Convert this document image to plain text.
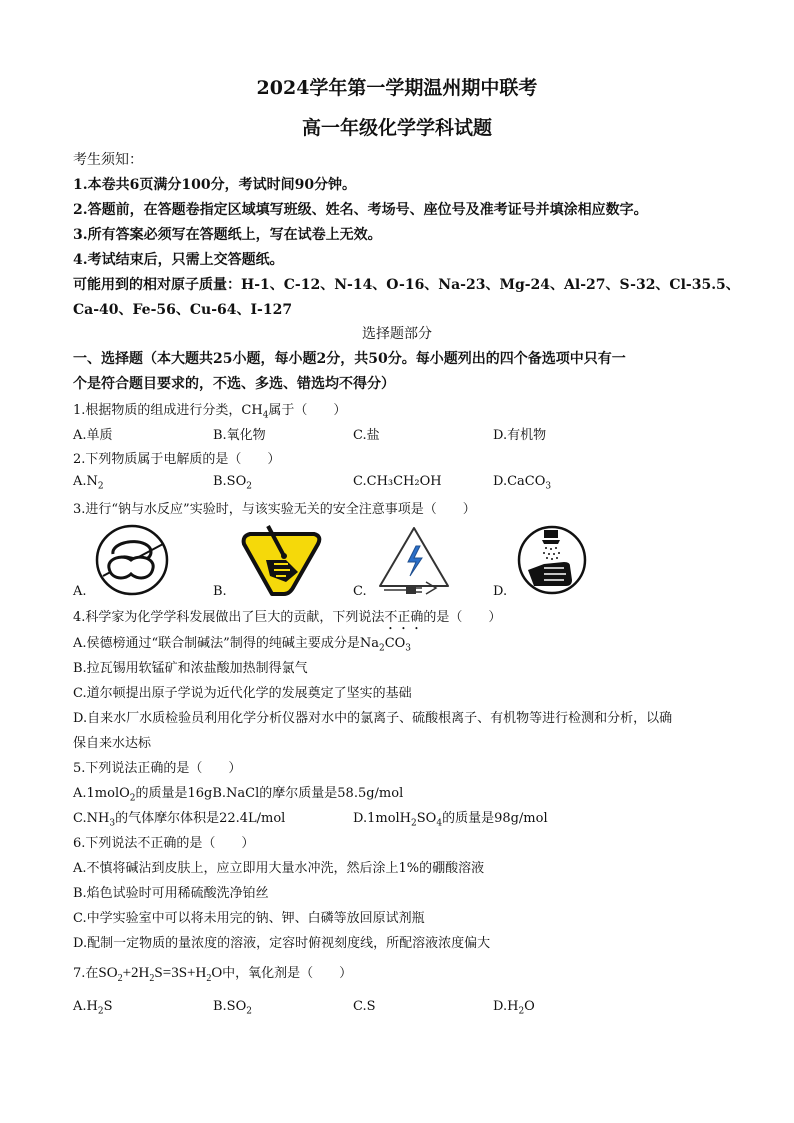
2024学年第一学期温州期中联考
高一年级化学学科试题
考生须知：
1.本卷共6页满分100分，考试时间90分钟。
2.答题前，在答题卷指定区域填写班级、姓名、考场号、座位号及准考证号并填涂相应数字。
3.所有答案必须写在答题纸上，写在试卷上无效。
4.考试结束后，只需上交答题纸。
可能用到的相对原子质量：H-1、C-12、N-14、O-16、Na-23、Mg-24、Al-27、S-32、Cl-35.5、
Ca-40、Fe-56、Cu-64、I-127
选择题部分
一、选择题（本大题共25小题，每小题2分，共50分。每小题列出的四个备选项中只有一
个是符合题目要求的，不选、多选、错选均不得分）
1.根据物质的组成进行分类，$CH_4$属于（　　）
A.单质	B.氧化物	C.盐	D.有机物
2.下列物质属于电解质的是（　　）
$A.N_2$	$B.SO_2$	C.CH₃CH₂OH	D.CaCO$_3$
3.进行“钠与水反应”实验时，与该实验无关的安全注意事项是（　　）
A.	B.	C.	D.
4.科学家为化学学科发展做出了巨大的贡献，下列说法不正确的是（　　）
A.侯德榜通过“联合制碱法”制得的纯碱主要成分是$Na_2CO_3$
B.拉瓦锡用软锰矿和浓盐酸加热制得氯气
C.道尔顿提出原子学说为近代化学的发展奠定了坚实的基础
D.自来水厂水质检验员利用化学分析仪器对水中的氯离子、硫酸根离子、有机物等进行检测和分析，以确
保自来水达标
5.下列说法正确的是（　　）
A.1molO$_2$的质量是16gB.NaCl的摩尔质量是58.5g/mol
$C.NH_3$的气体摩尔体积是22.4L/mol	$D.1molH_2SO_4$的质量是98g/mol
6.下列说法不正确的是（　　）
A.不慎将碱沾到皮肤上，应立即用大量水冲洗，然后涂上1%的硼酸溶液
B.焰色试验时可用稀硫酸洗净铂丝
C.中学实验室中可以将未用完的钠、钾、白磷等放回原试剂瓶
D.配制一定物质的量浓度的溶液，定容时俯视刻度线，所配溶液浓度偏大
7.在$SO_2+2H_2S=3S+H_2O$中，氧化剂是（　　）
$A.H_2S$	$B.SO_2$	C.S	$D.H_2O$
